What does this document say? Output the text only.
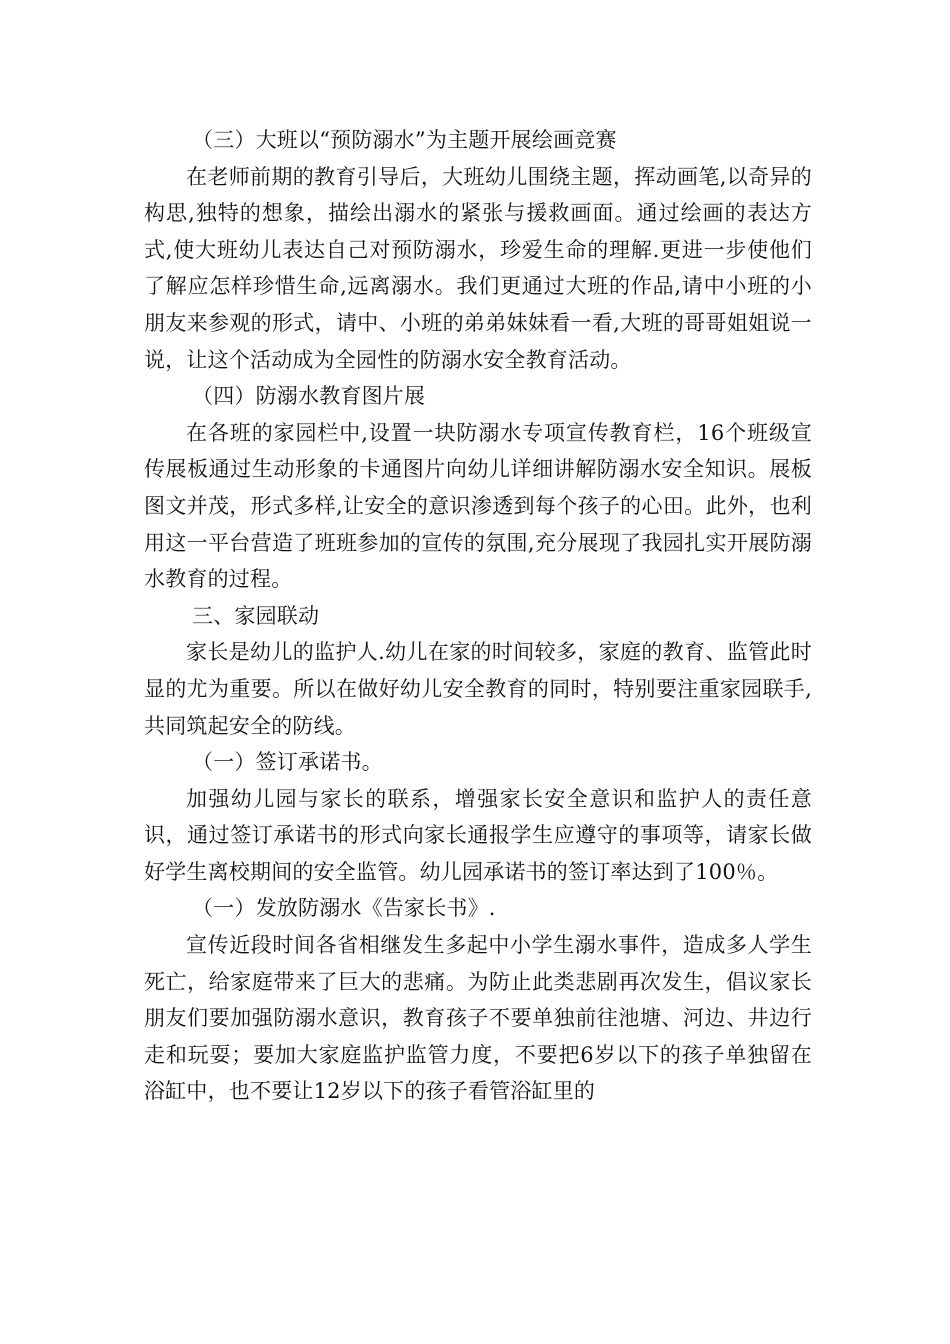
（三）大班以“预防溺水”为主题开展绘画竞赛

在老师前期的教育引导后，大班幼儿围绕主题，挥动画笔,以奇异的构思,独特的想象，描绘出溺水的紧张与援救画面。通过绘画的表达方式,使大班幼儿表达自己对预防溺水，珍爱生命的理解.更进一步使他们了解应怎样珍惜生命,远离溺水。我们更通过大班的作品,请中小班的小朋友来参观的形式，请中、小班的弟弟妹妹看一看,大班的哥哥姐姐说一说，让这个活动成为全园性的防溺水安全教育活动。

（四）防溺水教育图片展

在各班的家园栏中,设置一块防溺水专项宣传教育栏，16个班级宣传展板通过生动形象的卡通图片向幼儿详细讲解防溺水安全知识。展板图文并茂，形式多样,让安全的意识渗透到每个孩子的心田。此外，也利用这一平台营造了班班参加的宣传的氛围,充分展现了我园扎实开展防溺水教育的过程。

三、家园联动

家长是幼儿的监护人.幼儿在家的时间较多，家庭的教育、监管此时显的尤为重要。所以在做好幼儿安全教育的同时，特别要注重家园联手,共同筑起安全的防线。

（一）签订承诺书。

加强幼儿园与家长的联系，增强家长安全意识和监护人的责任意识，通过签订承诺书的形式向家长通报学生应遵守的事项等，请家长做好学生离校期间的安全监管。幼儿园承诺书的签订率达到了100％。

（一）发放防溺水《告家长书》.

宣传近段时间各省相继发生多起中小学生溺水事件，造成多人学生死亡，给家庭带来了巨大的悲痛。为防止此类悲剧再次发生，倡议家长朋友们要加强防溺水意识，教育孩子不要单独前往池塘、河边、井边行走和玩耍；要加大家庭监护监管力度，不要把6岁以下的孩子单独留在浴缸中，也不要让12岁以下的孩子看管浴缸里的
